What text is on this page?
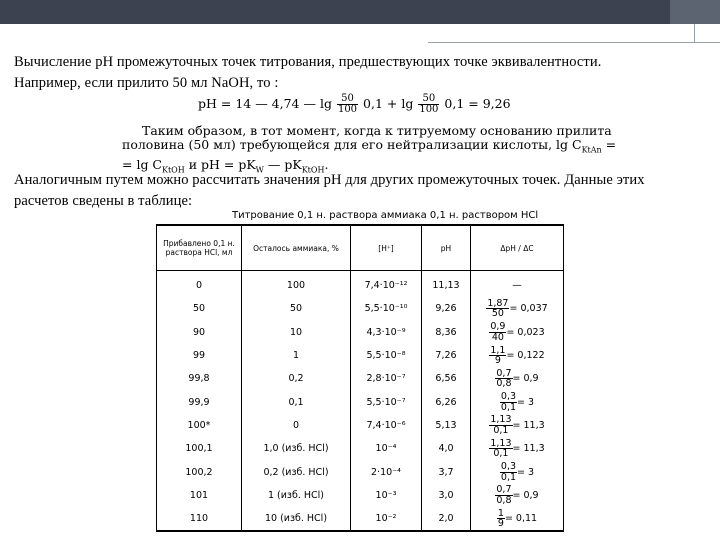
Вычисление pH промежуточных точек титрования, предшествующих точке эквивалентности.
Например, если прилито 50 мл NaOH, то :
pH = 14 — 4,74 — $\lg \frac{50}{100} 0,1 + \lg \frac{50}{100} 0,1 = 9,26$
Таким образом, в тот момент, когда к титруемому основанию прилита
половина (50 мл) требующейся для его нейтрализации кислоты, $\lg C_{KtAn}$ =
= $\lg C_{KtOH}$ и pH = $pK_W$ — $pK_{KtOH}$.
Аналогичным путем можно рассчитать значения pH для других промежуточных точек. Данные этих
расчетов сведены в таблице:
Титрование 0,1 н. раствора аммиака 0,1 н. раствором HCl
Прибавлено 0,1 н. раствора HCl, мл	Осталось аммиака, %	[H⁺]	pH	ΔpH / ΔC
0	100	7,4·10⁻¹²	11,13	—
50	50	5,5·10⁻¹⁰	9,26	$\frac{1,87}{50} = 0,037$
90	10	4,3·10⁻⁹	8,36	$\frac{0,9}{40} = 0,023$
99	1	5,5·10⁻⁸	7,26	$\frac{1,1}{9} = 0,122$
99,8	0,2	2,8·10⁻⁷	6,56	$\frac{0,7}{0,8} = 0,9$
99,9	0,1	5,5·10⁻⁷	6,26	$\frac{0,3}{0,1} = 3$
100*	0	7,4·10⁻⁶	5,13	$\frac{1,13}{0,1} = 11,3$
100,1	1,0 (изб. HCl)	10⁻⁴	4,0	$\frac{1,13}{0,1} = 11,3$
100,2	0,2 (изб. HCl)	2·10⁻⁴	3,7	$\frac{0,3}{0,1} = 3$
101	1 (изб. HCl)	10⁻³	3,0	$\frac{0,7}{0,8} = 0,9$
110	10 (изб. HCl)	10⁻²	2,0	$\frac{1}{9} = 0,11$
